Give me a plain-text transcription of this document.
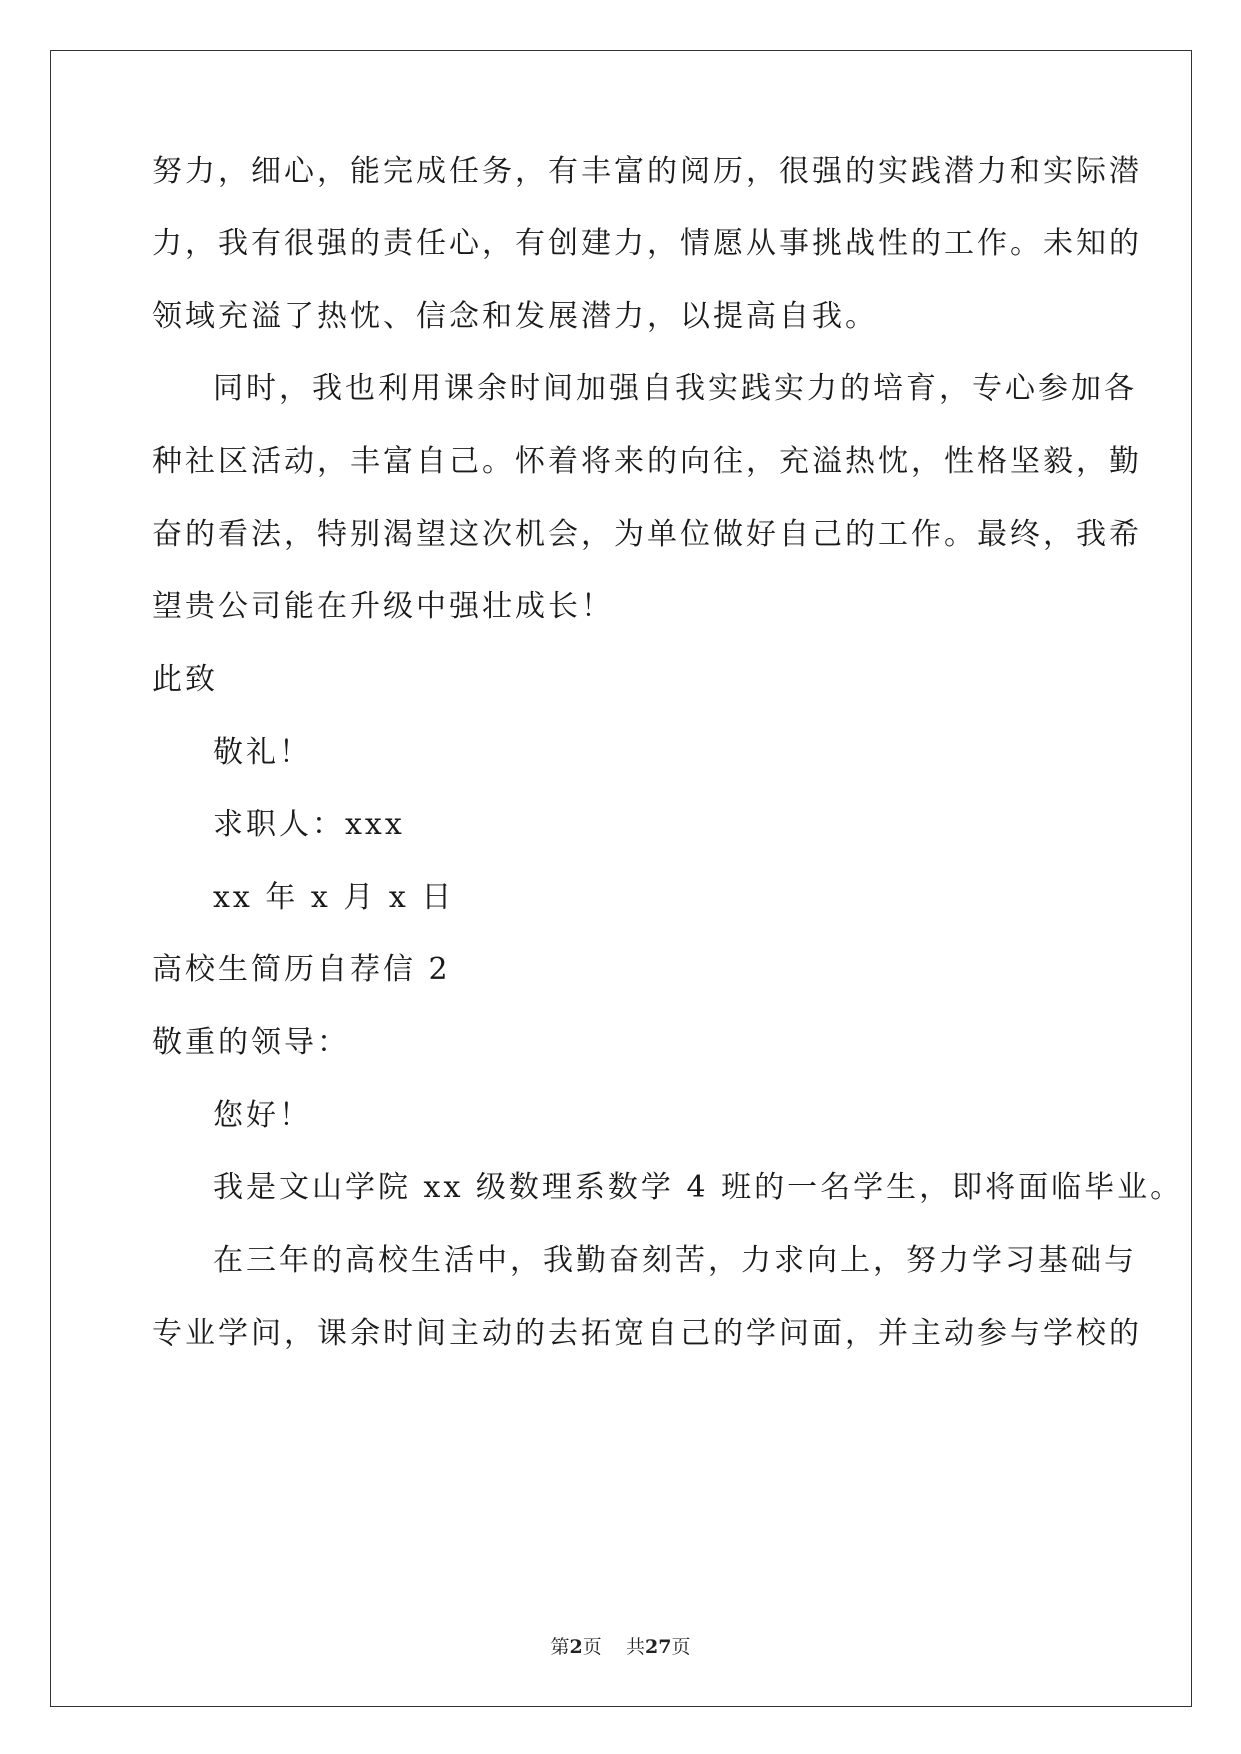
努力，细心，能完成任务，有丰富的阅历，很强的实践潜力和实际潜

力，我有很强的责任心，有创建力，情愿从事挑战性的工作。未知的

领域充溢了热忱、信念和发展潜力，以提高自我。

同时，我也利用课余时间加强自我实践实力的培育，专心参加各

种社区活动，丰富自己。怀着将来的向往，充溢热忱，性格坚毅，勤

奋的看法，特别渴望这次机会，为单位做好自己的工作。最终，我希

望贵公司能在升级中强壮成长！

此致

敬礼！

求职人：xxx

xx 年 x 月 x 日

高校生简历自荐信 2

敬重的领导：

您好！

我是文山学院 xx 级数理系数学 4 班的一名学生，即将面临毕业。

在三年的高校生活中，我勤奋刻苦，力求向上，努力学习基础与

专业学问，课余时间主动的去拓宽自己的学问面，并主动参与学校的

第2页 共27页
